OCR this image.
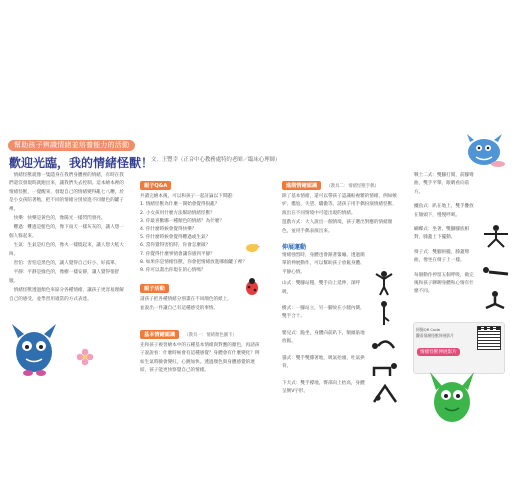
幫助孩子辨識情緒並培養能力的活動
歡迎光臨，我的情緒怪獸！
文．王豐幸（正音中心教務處特約老師／臨床心理師）

情緒怪獸就像一隻隱身在我們身體裡的情緒，有時在我們還沒發現時就跑出來，讓我們失去控制。這本繪本裡的情緒怪獸，一覺醒來，發現自己的情緒變得亂七八糟，於是小女孩陪著牠，把不同的情緒分別放進不同顏色的罐子裡。

快樂：快樂是黃色的，像陽光一樣閃閃發亮。

難過：難過是藍色的，像下雨天一樣灰灰的，讓人想一個人躲起來。

生氣：生氣是紅色的，像火一樣燒起來，讓人想大吼大叫。

害怕：害怕是黑色的，讓人覺得自己好小、好孤單。

平靜：平靜是綠色的，像樹一樣安靜，讓人覺得很舒服。

情緒怪獸透過顏色來區分各種情緒，讓孩子更容易理解自己的感受，並學習用適當的方式表達。

親子Q&A
共讀完繪本後，可以和孩子一起討論以下問題：
1. 情緒怪獸為什麼一開始會覺得很亂？
2. 小女孩用什麼方法幫助情緒怪獸？
3. 你最喜歡哪一種顏色的情緒？為什麼？
4. 你什麼時候會覺得快樂？
5. 你什麼時候會覺得難過或生氣？
6. 當你覺得害怕時，你會怎麼做？
7. 你覺得什麼事情會讓你感到平靜？
8. 如果你是情緒怪獸，你會把情緒放進哪個罐子裡？
9. 你可以畫出你現在的心情嗎？
親子活動
請孩子把各種情緒分別畫在不同顏色的紙上，並說出一件讓自己有這種感受的事情。
基本情緒認識 （教具一：情緒顏色圖卡）
先和孩子複習繪本中的五種基本情緒與對應的顏色，再請孩子說說看：什麼時候會有這種感覺？身體會有什麼變化？例如生氣時臉會變紅、心跳加快。透過顏色與身體感覺的連結，孩子能更快察覺自己的情緒。
進階情緒認識 （教具二：情緒怪獸手偶）
除了基本情緒，還可以帶孩子認識較複雜的情緒，例如嫉妒、尷尬、失望、驕傲等。請孩子用手偶扮演情緒怪獸，演出在不同情境中可能出現的情緒。
遊戲方式：大人說出一個情境，孩子選出對應的情緒顏色，並用手偶表演出來。
伸展運動
情緒強烈時，身體也會跟著緊繃。透過簡單的伸展動作，可以幫助孩子放鬆身體、平靜心情。
山式：雙腳站穩，雙手向上延伸，深呼吸。
樹式：一腳站立，另一腳放在小腿內側，雙手合十。
嬰兒式：跪坐，身體向前趴下，額頭貼地放鬆。
貓式：雙手雙膝著地，吸氣抬頭，吐氣拱背。
下犬式：雙手撐地，臀部向上抬高，身體呈倒V字形。
戰士二式：雙腳打開，前腳彎曲，雙手平舉，眼睛看向前方。
鱷魚式：趴在地上，雙手疊放在額頭下，慢慢呼吸。
蝴蝶式：坐著，雙腳腳底相對，膝蓋上下擺動。
椅子式：雙腳併攏，膝蓋彎曲，像坐在椅子上一樣。
每個動作停留五個呼吸，做完後和孩子聊聊身體和心情有什麼不同。
掃描QR Code
觀看情緒怪獸伸展影片
情緒怪獸伸展影片
